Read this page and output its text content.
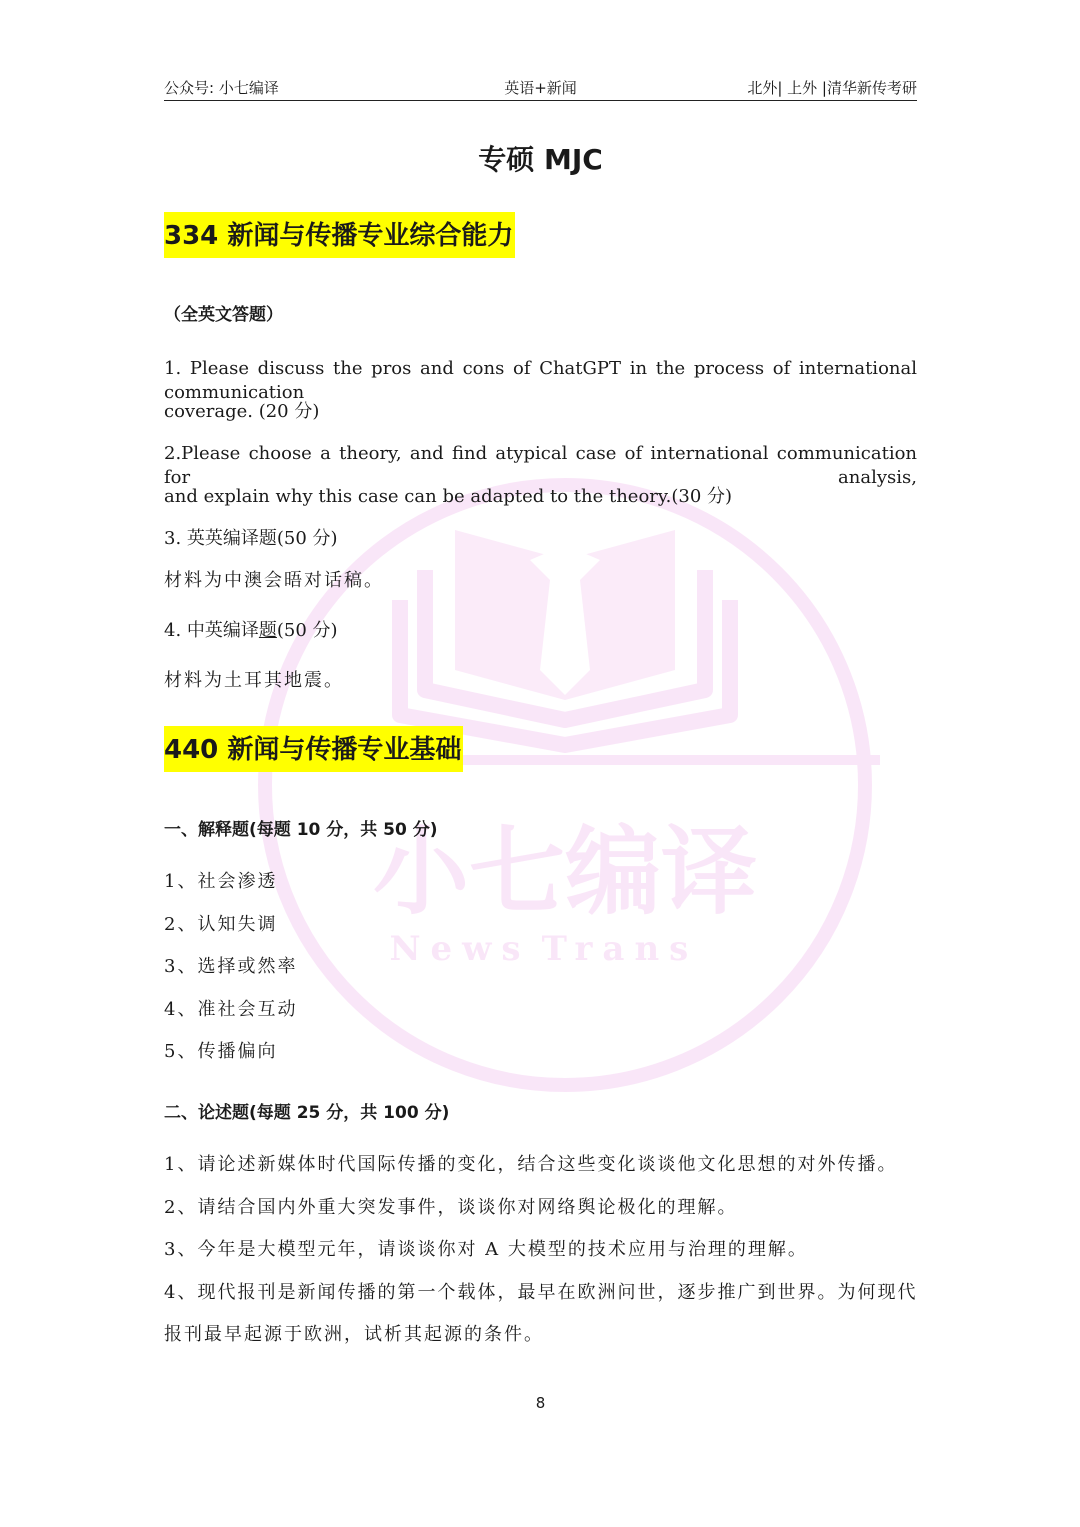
小七编译
News Trans
公众号: 小七编译	英语+新闻	北外| 上外 |清华新传考研
专硕 MJC
334 新闻与传播专业综合能力
（全英文答题）
1. Please discuss the pros and cons of ChatGPT in the process of international communication
coverage. (20 分)
2.Please choose a theory, and find atypical case of international communication for analysis,
and explain why this case can be adapted to the theory.(30 分)
3. 英英编译题(50 分)
材料为中澳会晤对话稿。
4. 中英编译题(50 分)
材料为土耳其地震。
440 新闻与传播专业基础
一、解释题(每题 10 分，共 50 分)
1、社会渗透
2、认知失调
3、选择或然率
4、准社会互动
5、传播偏向
二、论述题(每题 25 分，共 100 分)
1、请论述新媒体时代国际传播的变化，结合这些变化谈谈他文化思想的对外传播。
2、请结合国内外重大突发事件，谈谈你对网络舆论极化的理解。
3、今年是大模型元年，请谈谈你对 A 大模型的技术应用与治理的理解。
4、现代报刊是新闻传播的第一个载体，最早在欧洲问世，逐步推广到世界。为何现代
报刊最早起源于欧洲，试析其起源的条件。
8
